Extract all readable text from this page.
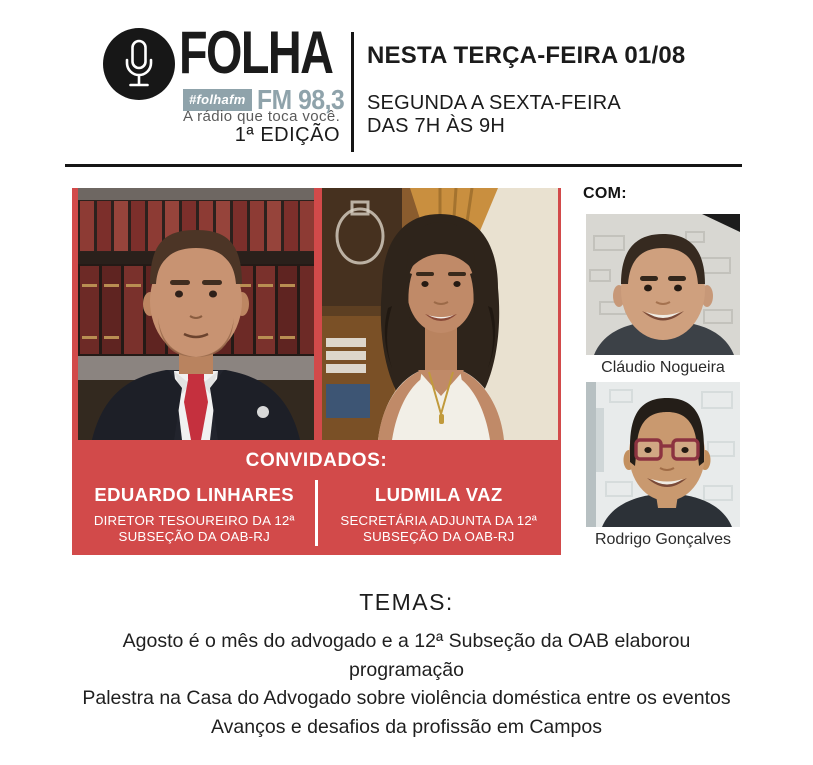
FOLHA
#folhafm FM 98,3
A rádio que toca você.
1ª EDIÇÃO
NESTA TERÇA-FEIRA 01/08
SEGUNDA A SEXTA-FEIRA
DAS 7H ÀS 9H
CONVIDADOS:
EDUARDO LINHARES
DIRETOR TESOUREIRO DA 12ª
SUBSEÇÃO DA OAB-RJ
LUDMILA VAZ
SECRETÁRIA ADJUNTA DA 12ª
SUBSEÇÃO DA OAB-RJ
COM:
Cláudio Nogueira
Rodrigo Gonçalves
TEMAS:
Agosto é o mês do advogado e a 12ª Subseção da OAB elaborou
programação
Palestra na Casa do Advogado sobre violência doméstica entre os eventos
Avanços e desafios da profissão em Campos
